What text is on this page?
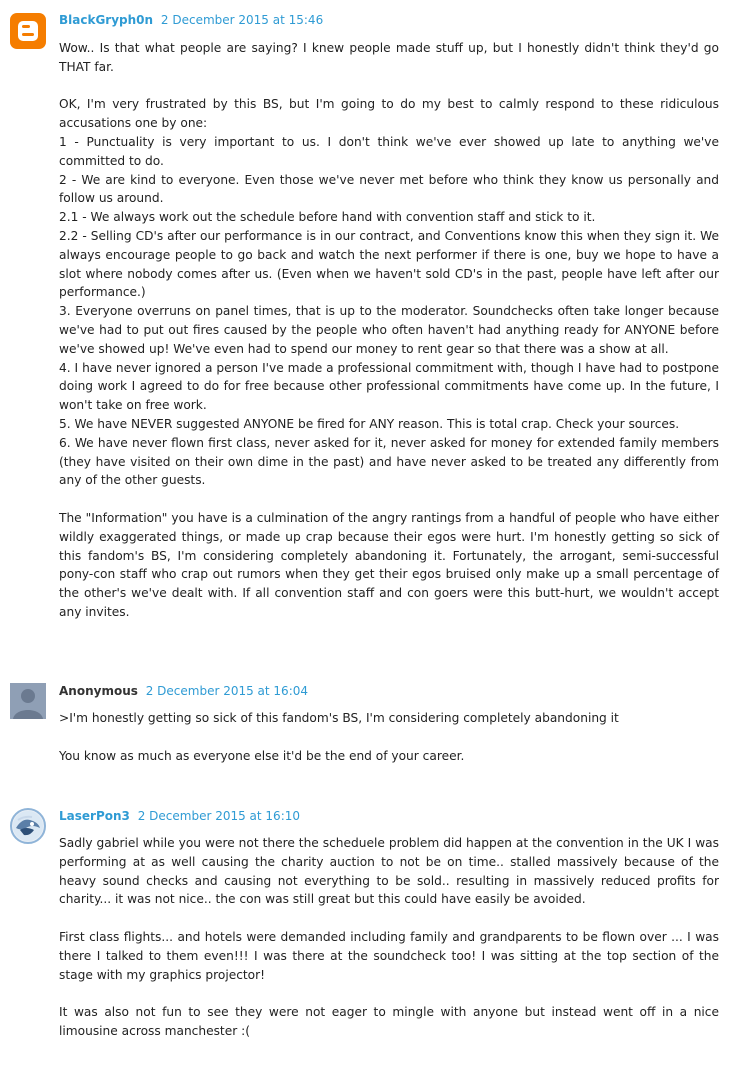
BlackGryph0n 2 December 2015 at 15:46

Wow.. Is that what people are saying? I knew people made stuff up, but I honestly didn't think they'd go THAT far.

OK, I'm very frustrated by this BS, but I'm going to do my best to calmly respond to these ridiculous accusations one by one:

1 - Punctuality is very important to us. I don't think we've ever showed up late to anything we've committed to do.

2 - We are kind to everyone. Even those we've never met before who think they know us personally and follow us around.

2.1 - We always work out the schedule before hand with convention staff and stick to it.

2.2 - Selling CD's after our performance is in our contract, and Conventions know this when they sign it. We always encourage people to go back and watch the next performer if there is one, buy we hope to have a slot where nobody comes after us. (Even when we haven't sold CD's in the past, people have left after our performance.)

3. Everyone overruns on panel times, that is up to the moderator. Soundchecks often take longer because we've had to put out fires caused by the people who often haven't had anything ready for ANYONE before we've showed up! We've even had to spend our money to rent gear so that there was a show at all.

4. I have never ignored a person I've made a professional commitment with, though I have had to postpone doing work I agreed to do for free because other professional commitments have come up. In the future, I won't take on free work.

5. We have NEVER suggested ANYONE be fired for ANY reason. This is total crap. Check your sources.

6. We have never flown first class, never asked for it, never asked for money for extended family members (they have visited on their own dime in the past) and have never asked to be treated any differently from any of the other guests.

The "Information" you have is a culmination of the angry rantings from a handful of people who have either wildly exaggerated things, or made up crap because their egos were hurt. I'm honestly getting so sick of this fandom's BS, I'm considering completely abandoning it. Fortunately, the arrogant, semi-successful pony-con staff who crap out rumors when they get their egos bruised only make up a small percentage of the other's we've dealt with. If all convention staff and con goers were this butt-hurt, we wouldn't accept any invites.

Anonymous 2 December 2015 at 16:04

>I'm honestly getting so sick of this fandom's BS, I'm considering completely abandoning it

You know as much as everyone else it'd be the end of your career.

LaserPon3 2 December 2015 at 16:10

Sadly gabriel while you were not there the scheduele problem did happen at the convention in the UK I was performing at as well causing the charity auction to not be on time.. stalled massively because of the heavy sound checks and causing not everything to be sold.. resulting in massively reduced profits for charity... it was not nice.. the con was still great but this could have easily be avoided.

First class flights... and hotels were demanded including family and grandparents to be flown over ... I was there I talked to them even!!! I was there at the soundcheck too! I was sitting at the top section of the stage with my graphics projector!

It was also not fun to see they were not eager to mingle with anyone but instead went off in a nice limousine across manchester :(
